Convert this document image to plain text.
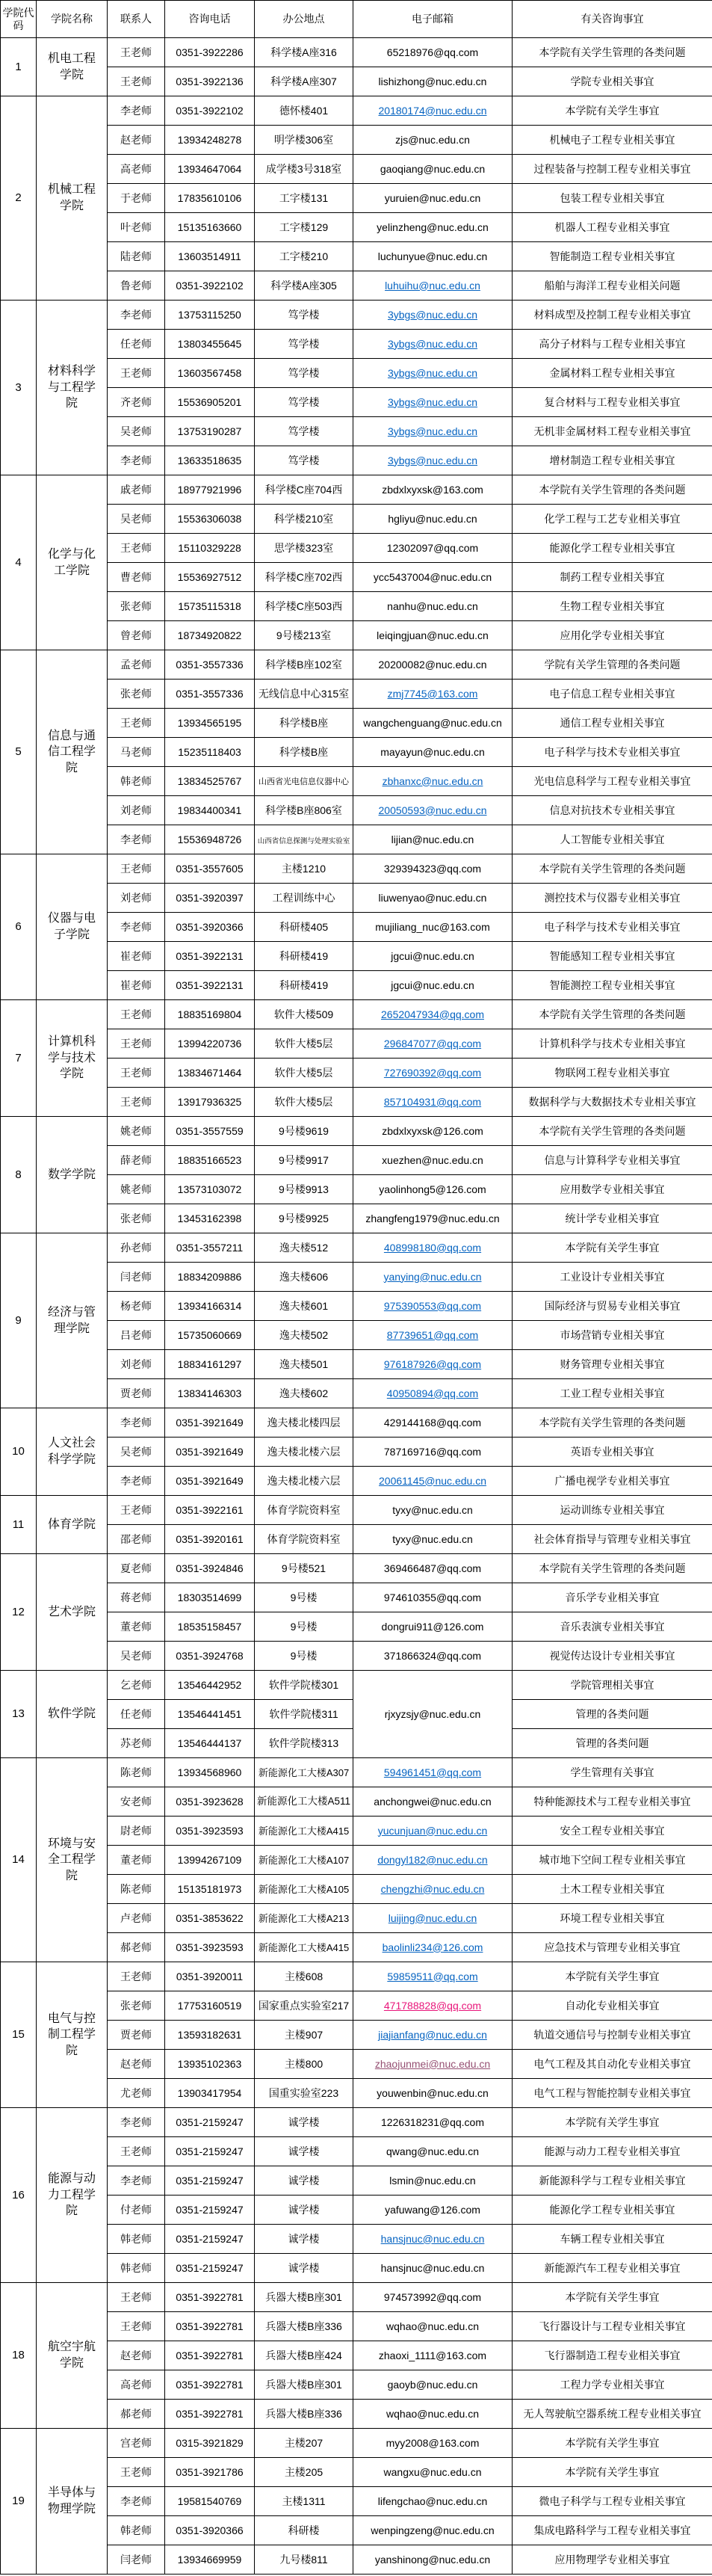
学院代码	学院名称	联系人	咨询电话	办公地点	电子邮箱	有关咨询事宜
1	机电工程学院	王老师	0351-3922286	科学楼A座316	65218976@qq.com	本学院有关学生管理的各类问题
		王老师	0351-3922136	科学楼A座307	lishizhong@nuc.edu.cn	学院专业相关事宜
2	机械工程学院	李老师	0351-3922102	德怀楼401	20180174@nuc.edu.cn	本学院有关学生事宜
		赵老师	13934248278	明学楼306室	zjs@nuc.edu.cn	机械电子工程专业相关事宜
		高老师	13934647064	成学楼3号318室	gaoqiang@nuc.edu.cn	过程装备与控制工程专业相关事宜
		于老师	17835610106	工字楼131	yuruien@nuc.edu.cn	包装工程专业相关事宜
		叶老师	15135163660	工字楼129	yelinzheng@nuc.edu.cn	机器人工程专业相关事宜
		陆老师	13603514911	工字楼210	luchunyue@nuc.edu.cn	智能制造工程专业相关事宜
		鲁老师	0351-3922102	科学楼A座305	luhuihu@nuc.edu.cn	船舶与海洋工程专业相关问题
3	材料科学与工程学院	李老师	13753115250	笃学楼	3ybgs@nuc.edu.cn	材料成型及控制工程专业相关事宜
		任老师	13803455645	笃学楼	3ybgs@nuc.edu.cn	高分子材料与工程专业相关事宜
		王老师	13603567458	笃学楼	3ybgs@nuc.edu.cn	金属材料工程专业相关事宜
		齐老师	15536905201	笃学楼	3ybgs@nuc.edu.cn	复合材料与工程专业相关事宜
		吴老师	13753190287	笃学楼	3ybgs@nuc.edu.cn	无机非金属材料工程专业相关事宜
		李老师	13633518635	笃学楼	3ybgs@nuc.edu.cn	增材制造工程专业相关事宜
4	化学与化工学院	戚老师	18977921996	科学楼C座704西	zbdxlxyxsk@163.com	本学院有关学生管理的各类问题
		吴老师	15536306038	科学楼210室	hgliyu@nuc.edu.cn	化学工程与工艺专业相关事宜
		王老师	15110329228	思学楼323室	12302097@qq.com	能源化学工程专业相关事宜
		曹老师	15536927512	科学楼C座702西	ycc5437004@nuc.edu.cn	制药工程专业相关事宜
		张老师	15735115318	科学楼C座503西	nanhu@nuc.edu.cn	生物工程专业相关事宜
		曾老师	18734920822	9号楼213室	leiqingjuan@nuc.edu.cn	应用化学专业相关事宜
5	信息与通信工程学院	孟老师	0351-3557336	科学楼B座102室	20200082@nuc.edu.cn	学院有关学生管理的各类问题
		张老师	0351-3557336	无线信息中心315室	zmj7745@163.com	电子信息工程专业相关事宜
		王老师	13934565195	科学楼B座	wangchenguang@nuc.edu.cn	通信工程专业相关事宜
		马老师	15235118403	科学楼B座	mayayun@nuc.edu.cn	电子科学与技术专业相关事宜
		韩老师	13834525767	山西省光电信息仪器中心	zbhanxc@nuc.edu.cn	光电信息科学与工程专业相关事宜
		刘老师	19834400341	科学楼B座806室	20050593@nuc.edu.cn	信息对抗技术专业相关事宜
		李老师	15536948726	山西省信息探测与处理实验室	lijian@nuc.edu.cn	人工智能专业相关事宜
6	仪器与电子学院	王老师	0351-3557605	主楼1210	329394323@qq.com	本学院有关学生管理的各类问题
		刘老师	0351-3920397	工程训练中心	liuwenyao@nuc.edu.cn	测控技术与仪器专业相关事宜
		李老师	0351-3920366	科研楼405	mujiliang_nuc@163.com	电子科学与技术专业相关事宜
		崔老师	0351-3922131	科研楼419	jgcui@nuc.edu.cn	智能感知工程专业相关事宜
		崔老师	0351-3922131	科研楼419	jgcui@nuc.edu.cn	智能测控工程专业相关事宜
7	计算机科学与技术学院	王老师	18835169804	软件大楼509	2652047934@qq.com	本学院有关学生管理的各类问题
		王老师	13994220736	软件大楼5层	296847077@qq.com	计算机科学与技术专业相关事宜
		王老师	13834671464	软件大楼5层	727690392@qq.com	物联网工程专业相关事宜
		王老师	13917936325	软件大楼5层	857104931@qq.com	数据科学与大数据技术专业相关事宜
8	数学学院	姚老师	0351-3557559	9号楼9619	zbdxlxyxsk@126.com	本学院有关学生管理的各类问题
		薛老师	18835166523	9号楼9917	xuezhen@nuc.edu.cn	信息与计算科学专业相关事宜
		姚老师	13573103072	9号楼9913	yaolinhong5@126.com	应用数学专业相关事宜
		张老师	13453162398	9号楼9925	zhangfeng1979@nuc.edu.cn	统计学专业相关事宜
9	经济与管理学院	孙老师	0351-3557211	逸夫楼512	408998180@qq.com	本学院有关学生事宜
		闫老师	18834209886	逸夫楼606	yanying@nuc.edu.cn	工业设计专业相关事宜
		杨老师	13934166314	逸夫楼601	975390553@qq.com	国际经济与贸易专业相关事宜
		吕老师	15735060669	逸夫楼502	87739651@qq.com	市场营销专业相关事宜
		刘老师	18834161297	逸夫楼501	976187926@qq.com	财务管理专业相关事宜
		贾老师	13834146303	逸夫楼602	40950894@qq.com	工业工程专业相关事宜
10	人文社会科学学院	李老师	0351-3921649	逸夫楼北楼四层	429144168@qq.com	本学院有关学生管理的各类问题
		吴老师	0351-3921649	逸夫楼北楼六层	787169716@qq.com	英语专业相关事宜
		李老师	0351-3921649	逸夫楼北楼六层	20061145@nuc.edu.cn	广播电视学专业相关事宜
11	体育学院	王老师	0351-3922161	体育学院资料室	tyxy@nuc.edu.cn	运动训练专业相关事宜
		邵老师	0351-3920161	体育学院资料室	tyxy@nuc.edu.cn	社会体育指导与管理专业相关事宜
12	艺术学院	夏老师	0351-3924846	9号楼521	369466487@qq.com	本学院有关学生管理的各类问题
		蒋老师	18303514699	9号楼	974610355@qq.com	音乐学专业相关事宜
		董老师	18535158457	9号楼	dongrui911@126.com	音乐表演专业相关事宜
		吴老师	0351-3924768	9号楼	371866324@qq.com	视觉传达设计专业相关事宜
13	软件学院	乞老师	13546442952	软件学院楼301	rjxyzsjy@nuc.edu.cn	学院管理相关事宜
		任老师	13546441451	软件学院楼311		管理的各类问题
		苏老师	13546444137	软件学院楼313		管理的各类问题
14	环境与安全工程学院	陈老师	13934568960	新能源化工大楼A307	594961451@qq.com	学生管理有关事宜
		安老师	0351-3923628	新能源化工大楼A511	anchongwei@nuc.edu.cn	特种能源技术与工程专业相关事宜
		尉老师	0351-3923593	新能源化工大楼A415	yucunjuan@nuc.edu.cn	安全工程专业相关事宜
		董老师	13994267109	新能源化工大楼A107	dongyl182@nuc.edu.cn	城市地下空间工程专业相关事宜
		陈老师	15135181973	新能源化工大楼A105	chengzhi@nuc.edu.cn	土木工程专业相关事宜
		卢老师	0351-3853622	新能源化工大楼A213	luijing@nuc.edu.cn	环境工程专业相关事宜
		郝老师	0351-3923593	新能源化工大楼A415	baolinli234@126.com	应急技术与管理专业相关事宜
15	电气与控制工程学院	王老师	0351-3920011	主楼608	59859511@qq.com	本学院有关学生事宜
		张老师	17753160519	国家重点实验室217	471788828@qq.com	自动化专业相关事宜
		贾老师	13593182631	主楼907	jiajianfang@nuc.edu.cn	轨道交通信号与控制专业相关事宜
		赵老师	13935102363	主楼800	zhaojunmei@nuc.edu.cn	电气工程及其自动化专业相关事宜
		尤老师	13903417954	国重实验室223	youwenbin@nuc.edu.cn	电气工程与智能控制专业相关事宜
16	能源与动力工程学院	李老师	0351-2159247	诚学楼	1226318231@qq.com	本学院有关学生事宜
		王老师	0351-2159247	诚学楼	qwang@nuc.edu.cn	能源与动力工程专业相关事宜
		李老师	0351-2159247	诚学楼	lsmin@nuc.edu.cn	新能源科学与工程专业相关事宜
		付老师	0351-2159247	诚学楼	yafuwang@126.com	能源化学工程专业相关事宜
		韩老师	0351-2159247	诚学楼	hansjnuc@nuc.edu.cn	车辆工程专业相关事宜
		韩老师	0351-2159247	诚学楼	hansjnuc@nuc.edu.cn	新能源汽车工程专业相关事宜
18	航空宇航学院	王老师	0351-3922781	兵器大楼B座301	974573992@qq.com	本学院有关学生事宜
		王老师	0351-3922781	兵器大楼B座336	wqhao@nuc.edu.cn	飞行器设计与工程专业相关事宜
		赵老师	0351-3922781	兵器大楼B座424	zhaoxi_1111@163.com	飞行器制造工程专业相关事宜
		高老师	0351-3922781	兵器大楼B座301	gaoyb@nuc.edu.cn	工程力学专业相关事宜
		郝老师	0351-3922781	兵器大楼B座336	wqhao@nuc.edu.cn	无人驾驶航空器系统工程专业相关事宜
19	半导体与物理学院	宫老师	0315-3921829	主楼207	myy2008@163.com	本学院有关学生事宜
		王老师	0351-3921786	主楼205	wangxu@nuc.edu.cn	本学院有关学生事宜
		李老师	19581540769	主楼1311	lifengchao@nuc.edu.cn	微电子科学与工程专业相关事宜
		韩老师	0351-3920366	科研楼	wenpingzeng@nuc.edu.cn	集成电路科学与工程专业相关事宜
		闫老师	13934669959	九号楼811	yanshinong@nuc.edu.cn	应用物理学专业相关事宜
